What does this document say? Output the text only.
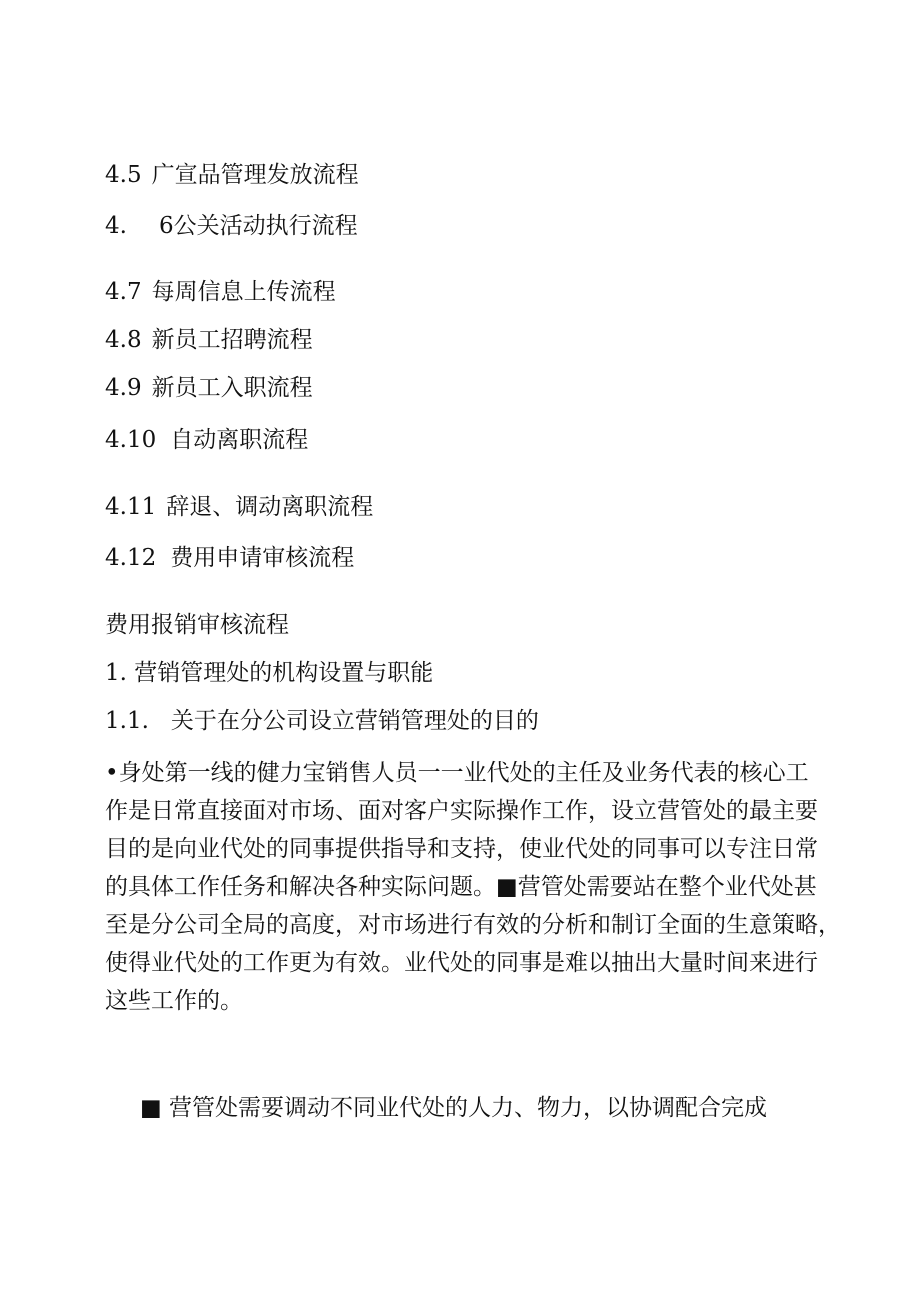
4.5 广宣品管理发放流程
4. 6公关活动执行流程
4.7 每周信息上传流程
4.8 新员工招聘流程
4.9 新员工入职流程
4.10 自动离职流程
4.11 辞退、调动离职流程
4.12 费用申请审核流程
费用报销审核流程
1. 营销管理处的机构设置与职能
1.1.   关于在分公司设立营销管理处的目的
•身处第一线的健力宝销售人员一一业代处的主任及业务代表的核心工
作是日常直接面对市场、面对客户实际操作工作，设立营管处的最主要
目的是向业代处的同事提供指导和支持，使业代处的同事可以专注日常
的具体工作任务和解决各种实际问题。■营管处需要站在整个业代处甚
至是分公司全局的高度，对市场进行有效的分析和制订全面的生意策略，
使得业代处的工作更为有效。业代处的同事是难以抽出大量时间来进行
这些工作的。
■ 营管处需要调动不同业代处的人力、物力，以协调配合完成
